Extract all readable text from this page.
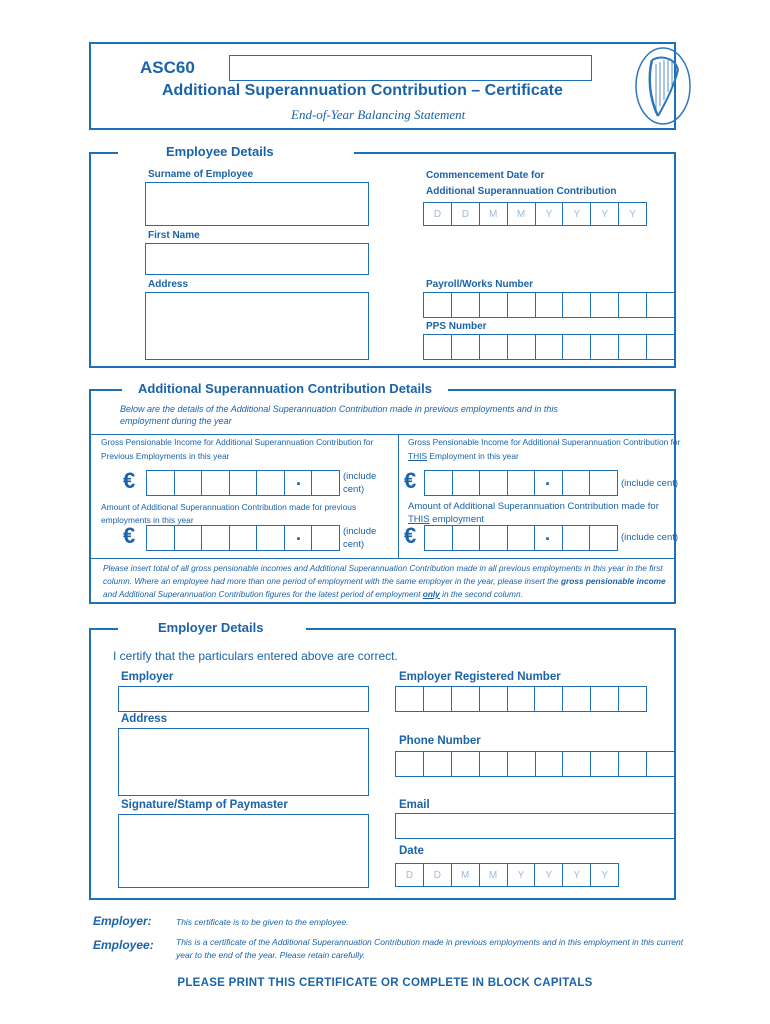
ASC60
Additional Superannuation Contribution – Certificate
End-of-Year Balancing Statement
Employee Details
Surname of Employee
First Name
Address
Commencement Date for
Additional Superannuation Contribution
D	D	M	M	Y	Y	Y	Y
Payroll/Works Number
PPS Number
Additional Superannuation Contribution Details
Below are the details of the Additional Superannuation Contribution made in previous employments and in this
employment during the year
Gross Pensionable Income for Additional Superannuation Contribution for
Previous Employments in this year
€	.	(include
cent)
Amount of Additional Superannuation Contribution made for previous
employments in this year
€	.	(include
cent)
Gross Pensionable Income for Additional Superannuation Contribution for
THIS Employment in this year
€	.	(include cent)
Amount of Additional Superannuation Contribution made for
THIS employment
€	.	(include cent)
Please insert total of all gross pensionable incomes and Additional Superannuation Contribution made in all previous employments in this year in the first
column. Where an employee had more than one period of employment with the same employer in the year, please insert the gross pensionable income
and Additional Superannuation Contribution figures for the latest period of employment only in the second column.
Employer Details
I certify that the particulars entered above are correct.
Employer
Address
Signature/Stamp of Paymaster
Employer Registered Number
Phone Number
Email
Date
D	D	M	M	Y	Y	Y	Y
Employer:	This certificate is to be given to the employee.
Employee:	This is a certificate of the Additional Superannuation Contribution made in previous employments and in this employment in this current
year to the end of the year. Please retain carefully.
PLEASE PRINT THIS CERTIFICATE OR COMPLETE IN BLOCK CAPITALS
